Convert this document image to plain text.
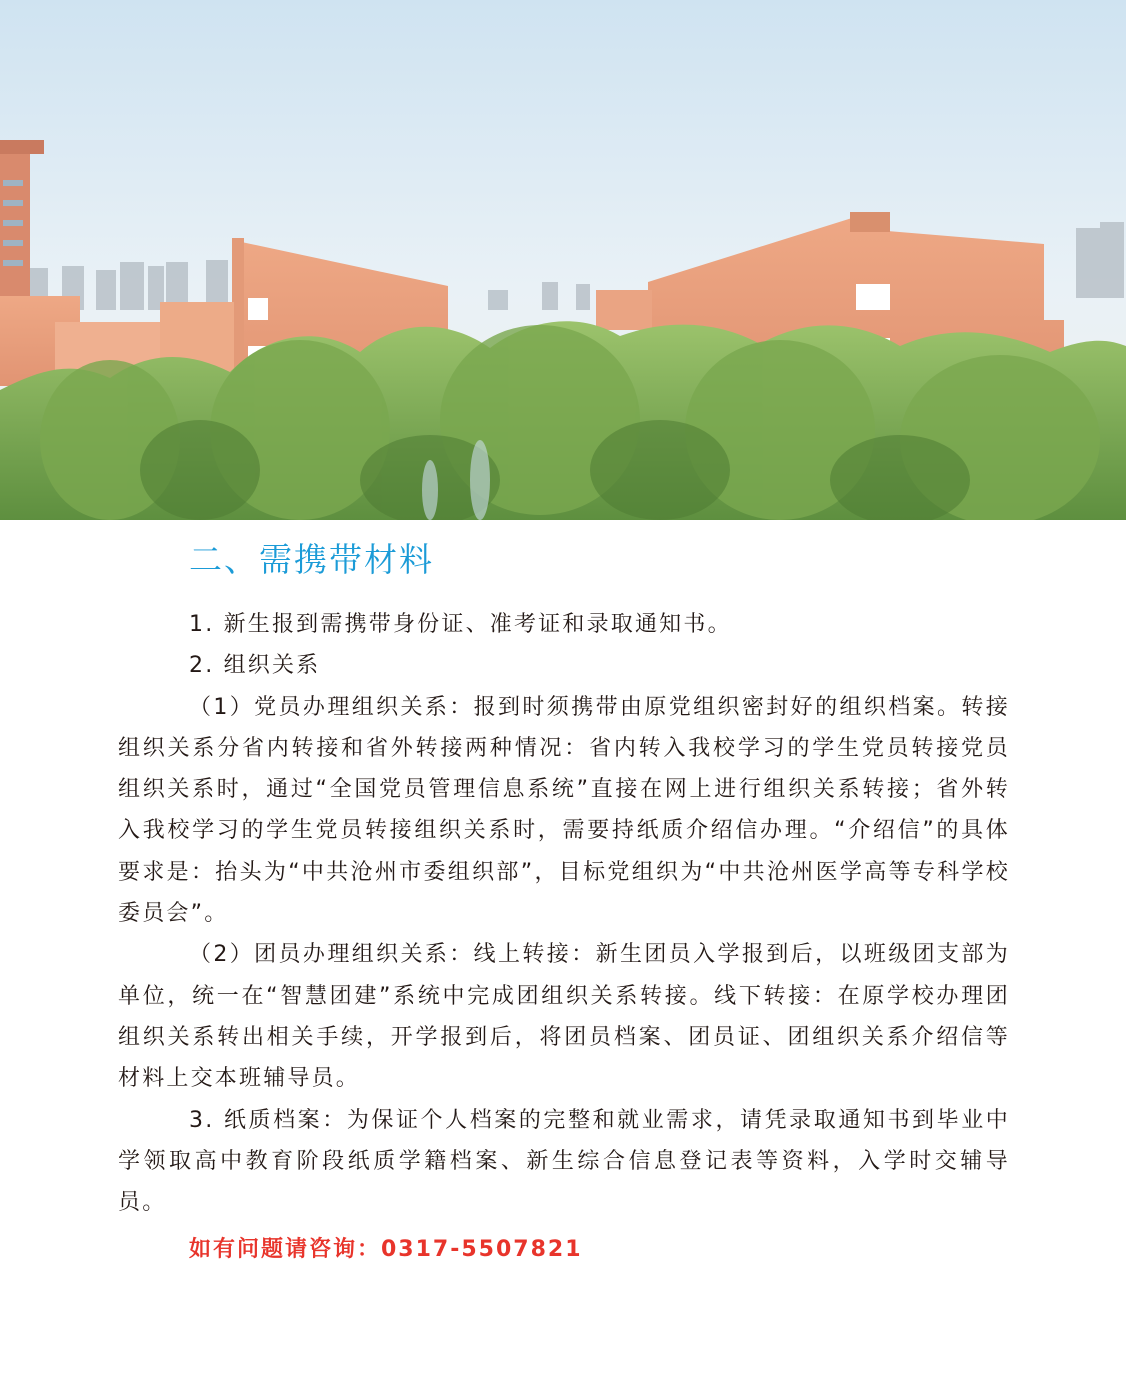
二、需携带材料

1. 新生报到需携带身份证、准考证和录取通知书。

2. 组织关系

（1）党员办理组织关系：报到时须携带由原党组织密封好的组织档案。转接组织关系分省内转接和省外转接两种情况：省内转入我校学习的学生党员转接党员组织关系时，通过“全国党员管理信息系统”直接在网上进行组织关系转接；省外转入我校学习的学生党员转接组织关系时，需要持纸质介绍信办理。“介绍信”的具体要求是：抬头为“中共沧州市委组织部”，目标党组织为“中共沧州医学高等专科学校委员会”。

（2）团员办理组织关系：线上转接：新生团员入学报到后，以班级团支部为单位，统一在“智慧团建”系统中完成团组织关系转接。线下转接：在原学校办理团组织关系转出相关手续，开学报到后，将团员档案、团员证、团组织关系介绍信等材料上交本班辅导员。

3. 纸质档案：为保证个人档案的完整和就业需求，请凭录取通知书到毕业中学领取高中教育阶段纸质学籍档案、新生综合信息登记表等资料，入学时交辅导员。

如有问题请咨询：0317-5507821
